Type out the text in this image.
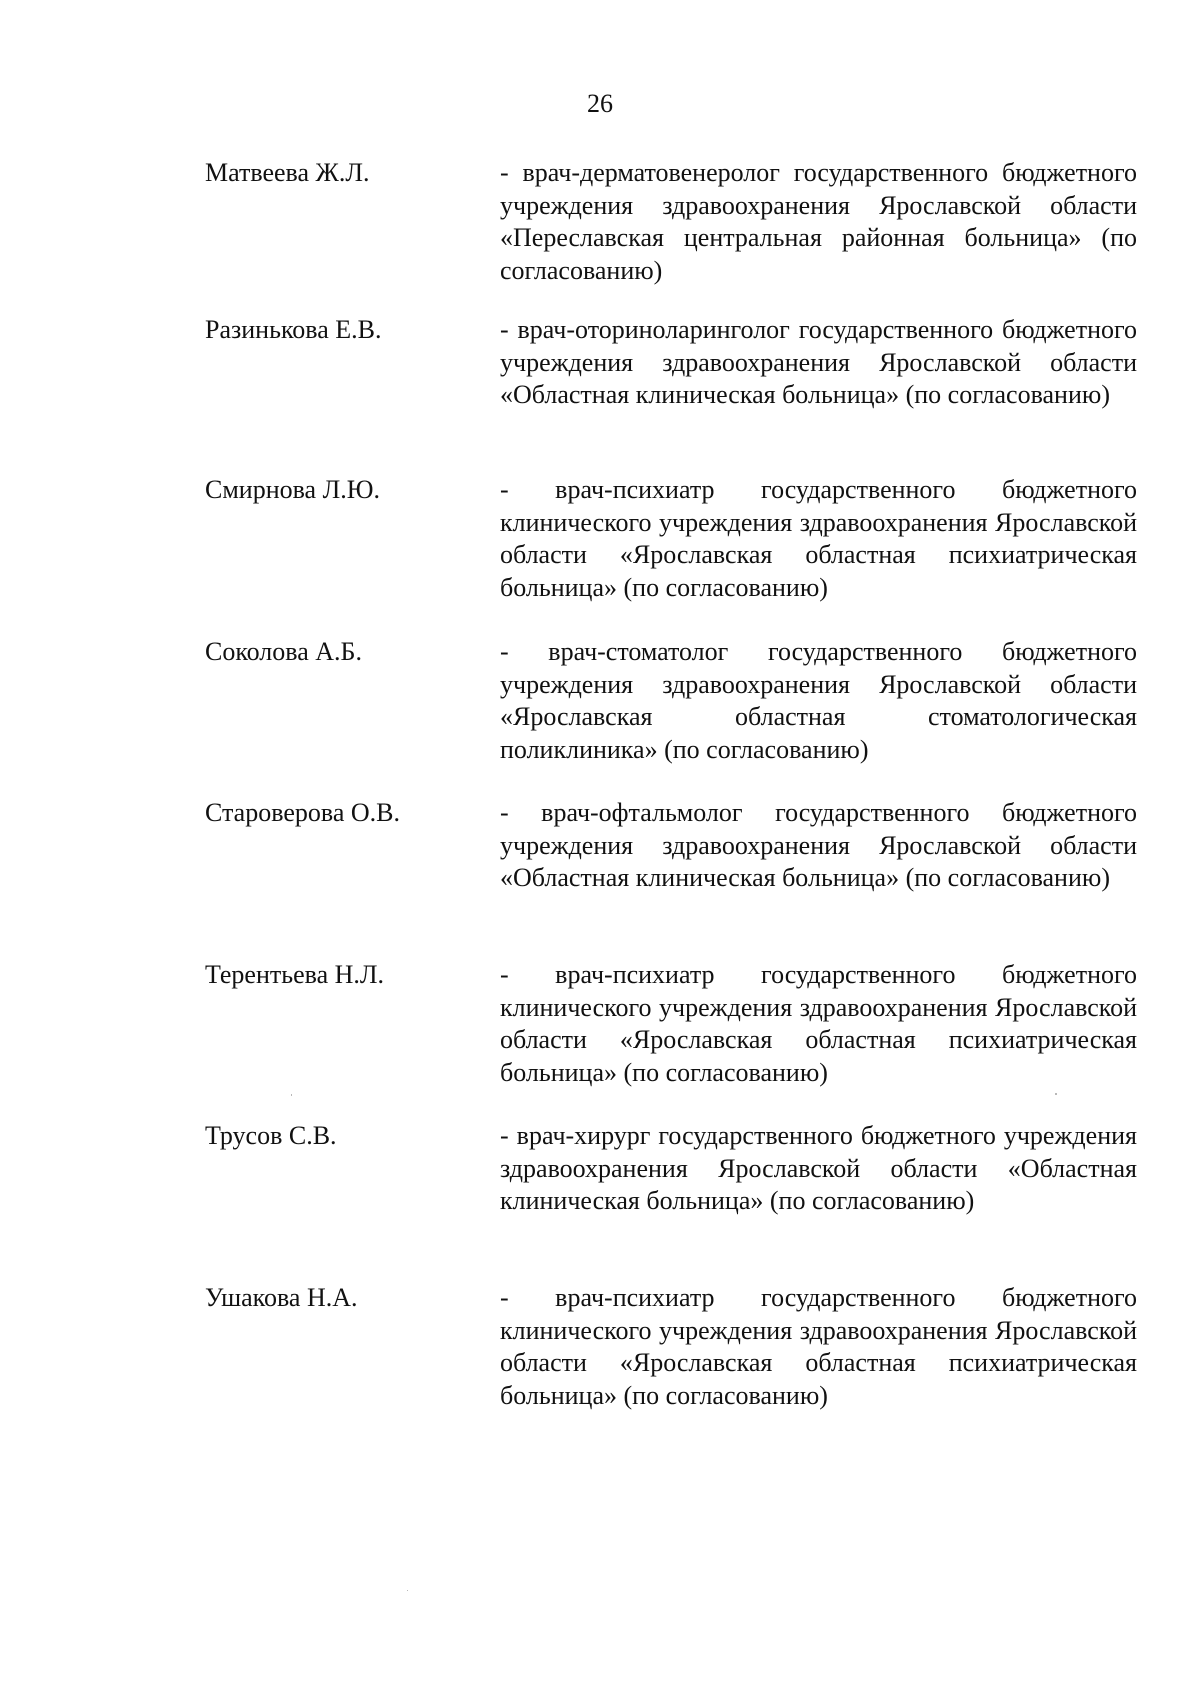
26
Матвеева Ж.Л.	- врач-дерматовенеролог государственного бюджетного учреждения здравоохранения Ярославской области «Переславская центральная районная больница» (по согласованию)
Разинькова Е.В.	- врач-оториноларинголог государственного бюджетного учреждения здравоохранения Ярославской области «Областная клиническая больница» (по согласованию)
Смирнова Л.Ю.	- врач-психиатр государственного бюджетного клинического учреждения здравоохранения Ярославской области «Ярославская областная психиатрическая больница» (по согласованию)
Соколова А.Б.	- врач-стоматолог государственного бюджетного учреждения здравоохранения Ярославской области «Ярославская областная стоматологическая поликлиника» (по согласованию)
Староверова О.В.	- врач-офтальмолог государственного бюджетного учреждения здравоохранения Ярославской области «Областная клиническая больница» (по согласованию)
Терентьева Н.Л.	- врач-психиатр государственного бюджетного клинического учреждения здравоохранения Ярославской области «Ярославская областная психиатрическая больница» (по согласованию)
Трусов С.В.	- врач-хирург государственного бюджетного учреждения здравоохранения Ярославской области «Областная клиническая больница» (по согласованию)
Ушакова Н.А.	- врач-психиатр государственного бюджетного клинического учреждения здравоохранения Ярославской области «Ярославская областная психиатрическая больница» (по согласованию)
